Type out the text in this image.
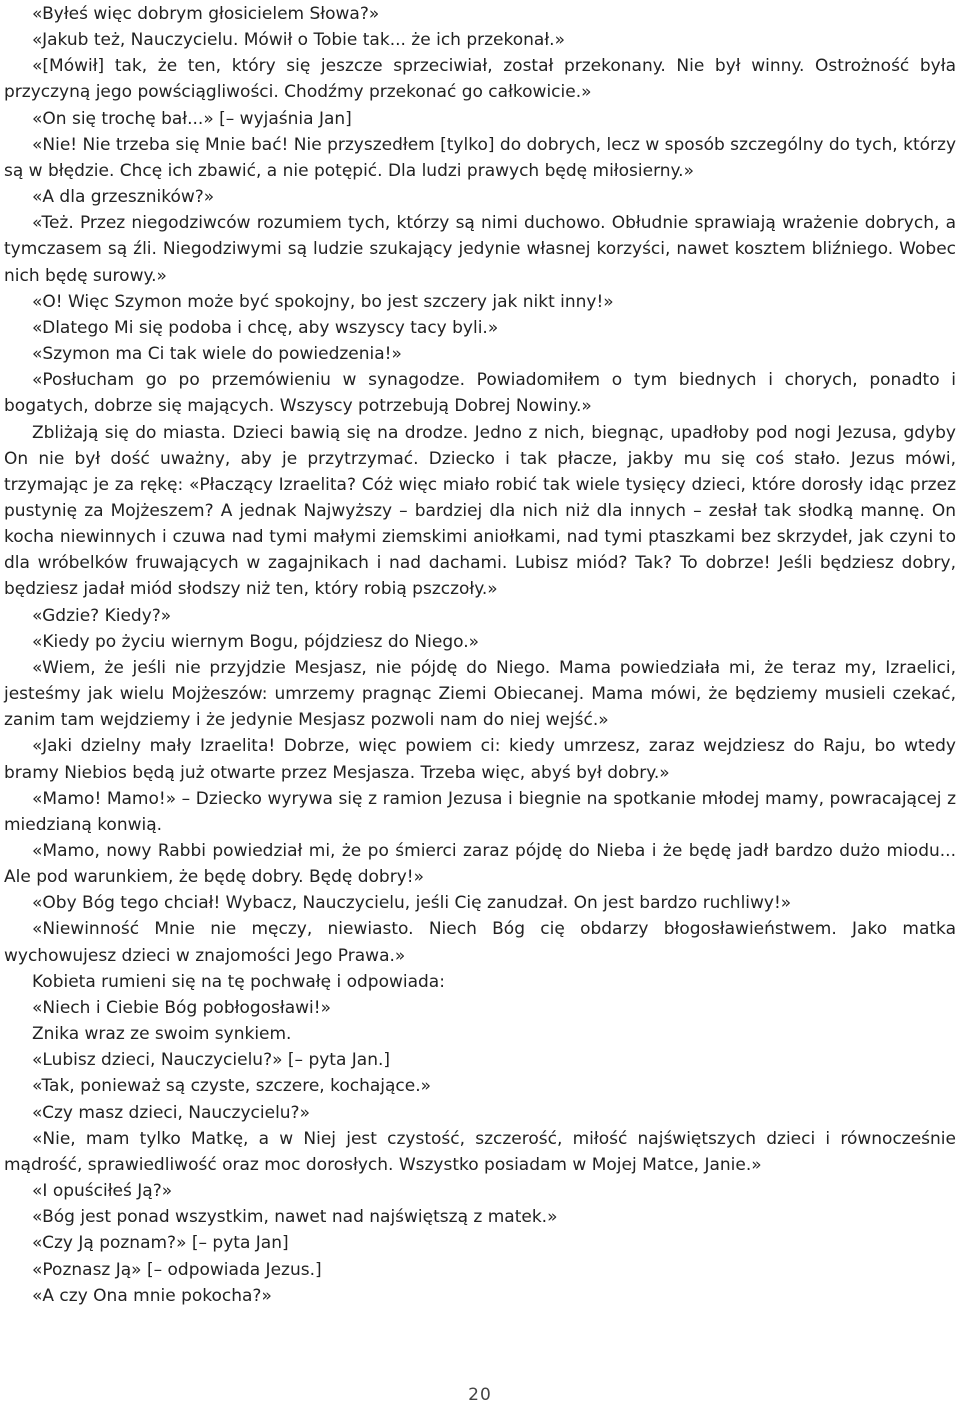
«Byłeś więc dobrym głosicielem Słowa?»

«Jakub też, Nauczycielu. Mówił o Tobie tak... że ich przekonał.»

«[Mówił] tak, że ten, który się jeszcze sprzeciwiał, został przekonany. Nie był winny. Ostrożność była przyczyną jego powściągliwości. Chodźmy przekonać go całkowicie.»

«On się trochę bał...» [– wyjaśnia Jan]

«Nie! Nie trzeba się Mnie bać! Nie przyszedłem [tylko] do dobrych, lecz w sposób szczególny do tych, którzy są w błędzie. Chcę ich zbawić, a nie potępić. Dla ludzi prawych będę miłosierny.»

«A dla grzeszników?»

«Też. Przez niegodziwców rozumiem tych, którzy są nimi duchowo. Obłudnie sprawiają wrażenie dobrych, a tymczasem są źli. Niegodziwymi są ludzie szukający jedynie własnej korzyści, nawet kosztem bliźniego. Wobec nich będę surowy.»

«O! Więc Szymon może być spokojny, bo jest szczery jak nikt inny!»

«Dlatego Mi się podoba i chcę, aby wszyscy tacy byli.»

«Szymon ma Ci tak wiele do powiedzenia!»

«Posłucham go po przemówieniu w synagodze. Powiadomiłem o tym biednych i chorych, ponadto i bogatych, dobrze się mających. Wszyscy potrzebują Dobrej Nowiny.»

Zbliżają się do miasta. Dzieci bawią się na drodze. Jedno z nich, biegnąc, upadłoby pod nogi Jezusa, gdyby On nie był dość uważny, aby je przytrzymać. Dziecko i tak płacze, jakby mu się coś stało. Jezus mówi, trzymając je za rękę: «Płaczący Izraelita? Cóż więc miało robić tak wiele tysięcy dzieci, które dorosły idąc przez pustynię za Mojżeszem? A jednak Najwyższy – bardziej dla nich niż dla innych – zesłał tak słodką mannę. On kocha niewinnych i czuwa nad tymi małymi ziemskimi aniołkami, nad tymi ptaszkami bez skrzydeł, jak czyni to dla wróbelków fruwających w zagajnikach i nad dachami. Lubisz miód? Tak? To dobrze! Jeśli będziesz dobry, będziesz jadał miód słodszy niż ten, który robią pszczoły.»

«Gdzie? Kiedy?»

«Kiedy po życiu wiernym Bogu, pójdziesz do Niego.»

«Wiem, że jeśli nie przyjdzie Mesjasz, nie pójdę do Niego. Mama powiedziała mi, że teraz my, Izraelici, jesteśmy jak wielu Mojżeszów: umrzemy pragnąc Ziemi Obiecanej. Mama mówi, że będziemy musieli czekać, zanim tam wejdziemy i że jedynie Mesjasz pozwoli nam do niej wejść.»

«Jaki dzielny mały Izraelita! Dobrze, więc powiem ci: kiedy umrzesz, zaraz wejdziesz do Raju, bo wtedy bramy Niebios będą już otwarte przez Mesjasza. Trzeba więc, abyś był dobry.»

«Mamo! Mamo!» – Dziecko wyrywa się z ramion Jezusa i biegnie na spotkanie młodej mamy, powracającej z miedzianą konwią.

«Mamo, nowy Rabbi powiedział mi, że po śmierci zaraz pójdę do Nieba i że będę jadł bardzo dużo miodu... Ale pod warunkiem, że będę dobry. Będę dobry!»

«Oby Bóg tego chciał! Wybacz, Nauczycielu, jeśli Cię zanudzał. On jest bardzo ruchliwy!»

«Niewinność Mnie nie męczy, niewiasto. Niech Bóg cię obdarzy błogosławieństwem. Jako matka wychowujesz dzieci w znajomości Jego Prawa.»

Kobieta rumieni się na tę pochwałę i odpowiada:

«Niech i Ciebie Bóg pobłogosławi!»

Znika wraz ze swoim synkiem.

«Lubisz dzieci, Nauczycielu?» [– pyta Jan.]

«Tak, ponieważ są czyste, szczere, kochające.»

«Czy masz dzieci, Nauczycielu?»

«Nie, mam tylko Matkę, a w Niej jest czystość, szczerość, miłość najświętszych dzieci i równocześnie mądrość, sprawiedliwość oraz moc dorosłych. Wszystko posiadam w Mojej Matce, Janie.»

«I opuściłeś Ją?»

«Bóg jest ponad wszystkim, nawet nad najświętszą z matek.»

«Czy Ją poznam?» [– pyta Jan]

«Poznasz Ją» [– odpowiada Jezus.]

«A czy Ona mnie pokocha?»

20
